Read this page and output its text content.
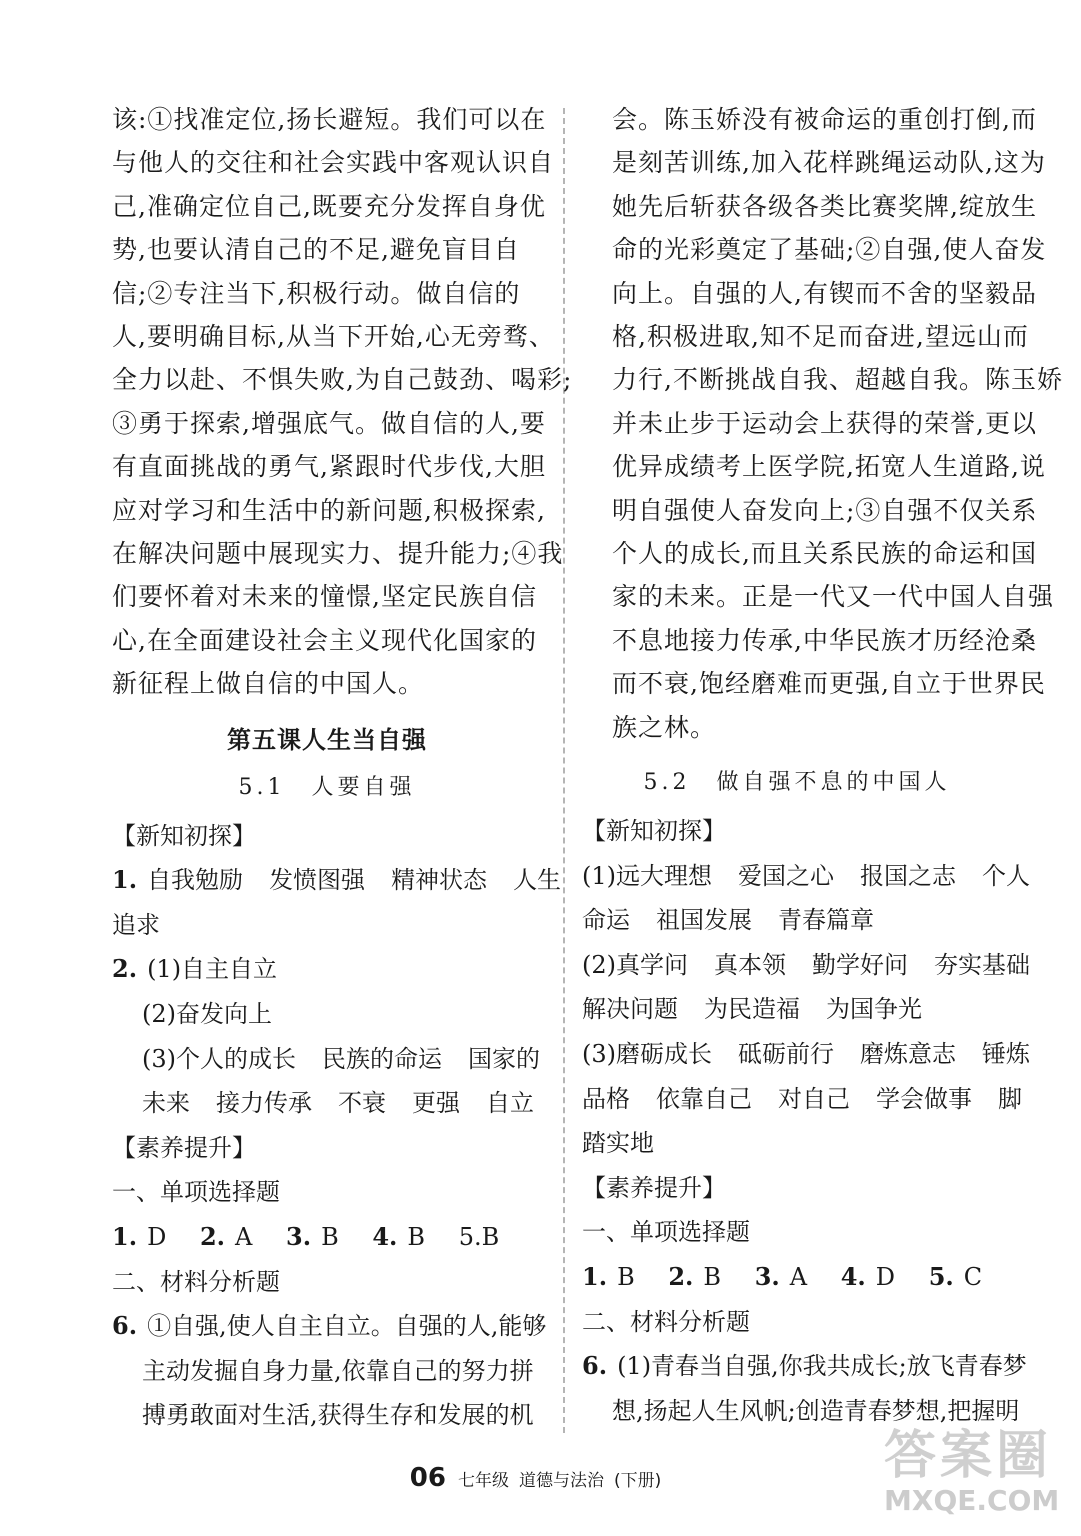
该:①找准定位,扬长避短。我们可以在
与他人的交往和社会实践中客观认识自
己,准确定位自己,既要充分发挥自身优
势,也要认清自己的不足,避免盲目自
信;②专注当下,积极行动。做自信的
人,要明确目标,从当下开始,心无旁骛、
全力以赴、不惧失败,为自己鼓劲、喝彩;
③勇于探索,增强底气。做自信的人,要
有直面挑战的勇气,紧跟时代步伐,大胆
应对学习和生活中的新问题,积极探索,
在解决问题中展现实力、提升能力;④我
们要怀着对未来的憧憬,坚定民族自信
心,在全面建设社会主义现代化国家的
新征程上做自信的中国人。
第五课人生当自强
5.1　人要自强
【新知初探】
1. 自我勉励 发愤图强 精神状态 人生
追求
2. (1)自主自立
(2)奋发向上
(3)个人的成长 民族的命运 国家的
未来 接力传承 不衰 更强 自立
【素养提升】
一、单项选择题
1. D 2. A 3. B 4. B 5.B
二、材料分析题
6. ①自强,使人自主自立。自强的人,能够
主动发掘自身力量,依靠自己的努力拼
搏勇敢面对生活,获得生存和发展的机
会。陈玉娇没有被命运的重创打倒,而
是刻苦训练,加入花样跳绳运动队,这为
她先后斩获各级各类比赛奖牌,绽放生
命的光彩奠定了基础;②自强,使人奋发
向上。自强的人,有锲而不舍的坚毅品
格,积极进取,知不足而奋进,望远山而
力行,不断挑战自我、超越自我。陈玉娇
并未止步于运动会上获得的荣誉,更以
优异成绩考上医学院,拓宽人生道路,说
明自强使人奋发向上;③自强不仅关系
个人的成长,而且关系民族的命运和国
家的未来。正是一代又一代中国人自强
不息地接力传承,中华民族才历经沧桑
而不衰,饱经磨难而更强,自立于世界民
族之林。
5.2　做自强不息的中国人
【新知初探】
(1)远大理想 爱国之心 报国之志 个人
命运 祖国发展 青春篇章
(2)真学问 真本领 勤学好问 夯实基础
解决问题 为民造福 为国争光
(3)磨砺成长 砥砺前行 磨炼意志 锤炼
品格 依靠自己 对自己 学会做事 脚
踏实地
【素养提升】
一、单项选择题
1. B 2. B 3. A 4. D 5. C
二、材料分析题
6. (1)青春当自强,你我共成长;放飞青春梦
想,扬起人生风帆;创造青春梦想,把握明
06 七年级 道德与法治 (下册)	答案圈
MXQE.COM
